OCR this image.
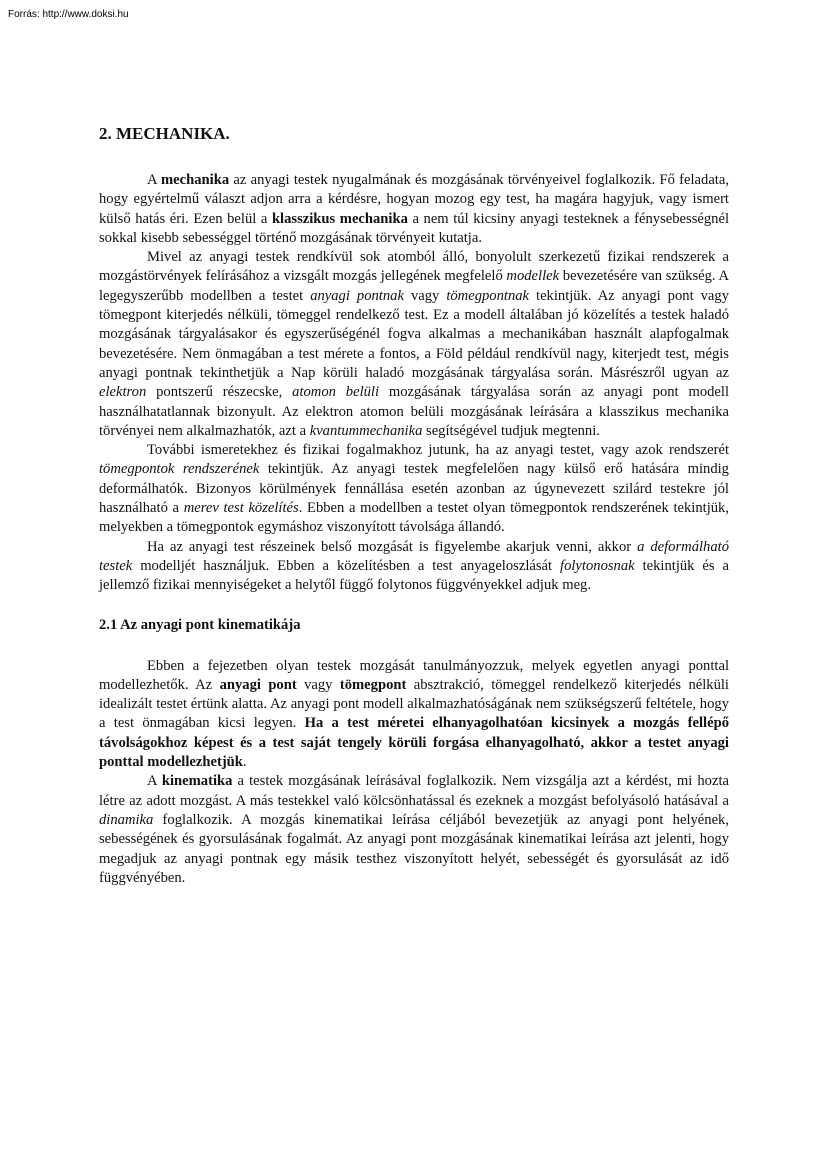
Forrás: http://www.doksi.hu
2. MECHANIKA.

A mechanika az anyagi testek nyugalmának és mozgásának törvényeivel foglalkozik. Fő feladata, hogy egyértelmű választ adjon arra a kérdésre, hogyan mozog egy test, ha magára hagyjuk, vagy ismert külső hatás éri. Ezen belül a klasszikus mechanika a nem túl kicsiny anyagi testeknek a fénysebességnél sokkal kisebb sebességgel történő mozgásának törvényeit kutatja.

Mivel az anyagi testek rendkívül sok atomból álló, bonyolult szerkezetű fizikai rendszerek a mozgástörvények felírásához a vizsgált mozgás jellegének megfelelő modellek bevezetésére van szükség. A legegyszerűbb modellben a testet anyagi pontnak vagy tömegpontnak tekintjük. Az anyagi pont vagy tömegpont kiterjedés nélküli, tömeggel rendelkező test. Ez a modell általában jó közelítés a testek haladó mozgásának tárgyalásakor és egyszerűségénél fogva alkalmas a mechanikában használt alapfogalmak bevezetésére. Nem önmagában a test mérete a fontos, a Föld például rendkívül nagy, kiterjedt test, mégis anyagi pontnak tekinthetjük a Nap körüli haladó mozgásának tárgyalása során. Másrészről ugyan az elektron pontszerű részecske, atomon belüli mozgásának tárgyalása során az anyagi pont modell használhatatlannak bizonyult. Az elektron atomon belüli mozgásának leírására a klasszikus mechanika törvényei nem alkalmazhatók, azt a kvantummechanika segítségével tudjuk megtenni.

További ismeretekhez és fizikai fogalmakhoz jutunk, ha az anyagi testet, vagy azok rendszerét tömegpontok rendszerének tekintjük. Az anyagi testek megfelelően nagy külső erő hatására mindig deformálhatók. Bizonyos körülmények fennállása esetén azonban az úgynevezett szilárd testekre jól használható a merev test közelítés. Ebben a modellben a testet olyan tömegpontok rendszerének tekintjük, melyekben a tömegpontok egymáshoz viszonyított távolsága állandó.

Ha az anyagi test részeinek belső mozgását is figyelembe akarjuk venni, akkor a deformálható testek modelljét használjuk. Ebben a közelítésben a test anyageloszlását folytonosnak tekintjük és a jellemző fizikai mennyiségeket a helytől függő folytonos függvényekkel adjuk meg.

2.1 Az anyagi pont kinematikája

Ebben a fejezetben olyan testek mozgását tanulmányozzuk, melyek egyetlen anyagi ponttal modellezhetők. Az anyagi pont vagy tömegpont absztrakció, tömeggel rendelkező kiterjedés nélküli idealizált testet értünk alatta. Az anyagi pont modell alkalmazhatóságának nem szükségszerű feltétele, hogy a test önmagában kicsi legyen. Ha a test méretei elhanyagolhatóan kicsinyek a mozgás fellépő távolságokhoz képest és a test saját tengely körüli forgása elhanyagolható, akkor a testet anyagi ponttal modellezhetjük.

A kinematika a testek mozgásának leírásával foglalkozik. Nem vizsgálja azt a kérdést, mi hozta létre az adott mozgást. A más testekkel való kölcsönhatással és ezeknek a mozgást befolyásoló hatásával a dinamika foglalkozik. A mozgás kinematikai leírása céljából bevezetjük az anyagi pont helyének, sebességének és gyorsulásának fogalmát. Az anyagi pont mozgásának kinematikai leírása azt jelenti, hogy megadjuk az anyagi pontnak egy másik testhez viszonyított helyét, sebességét és gyorsulását az idő függvényében.
